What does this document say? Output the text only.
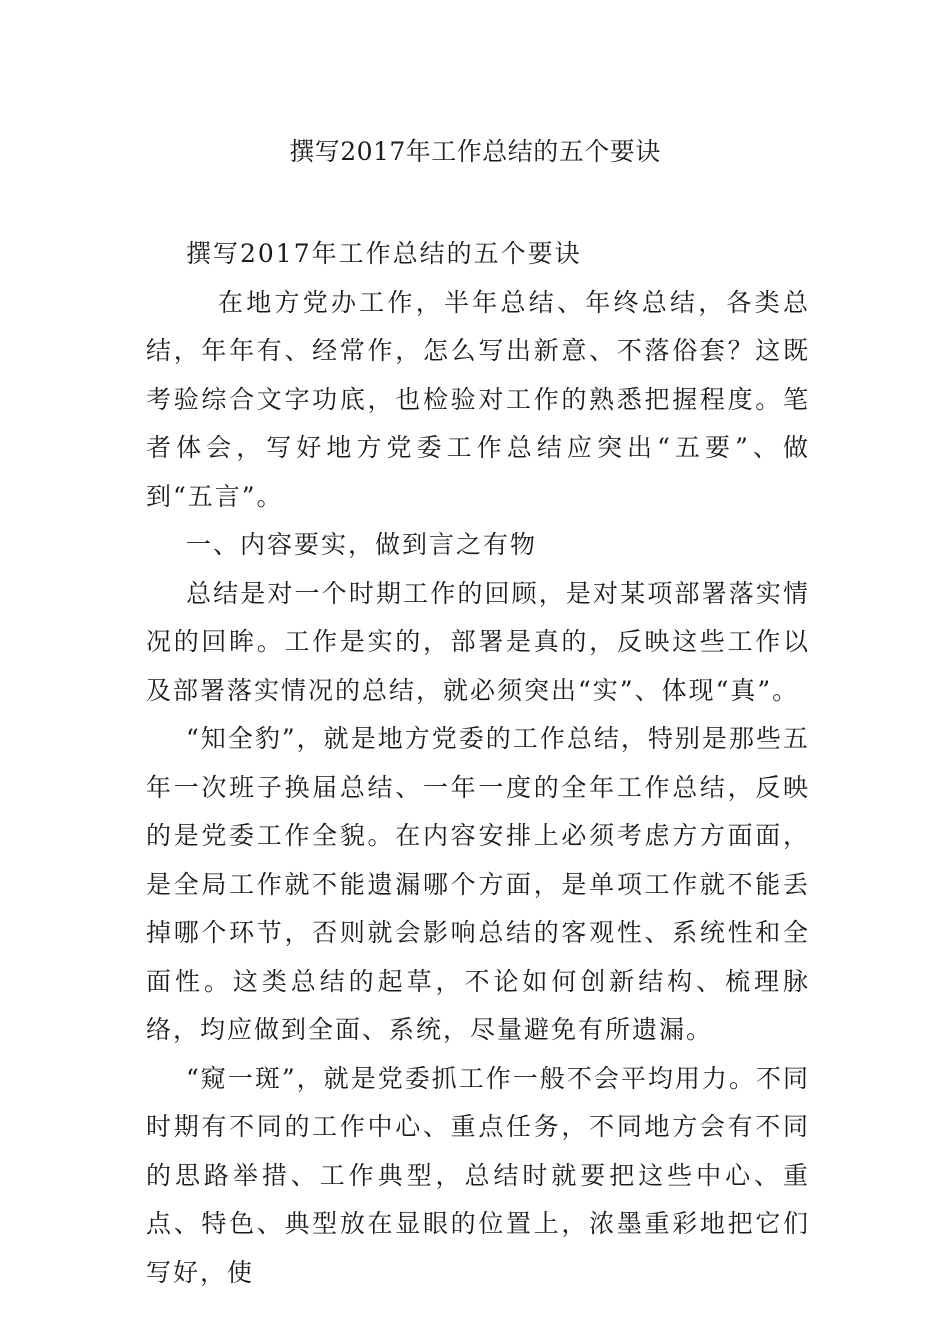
撰写2017年工作总结的五个要诀

撰写2017年工作总结的五个要诀

在地方党办工作，半年总结、年终总结，各类总结，年年有、经常作，怎么写出新意、不落俗套？这既考验综合文字功底，也检验对工作的熟悉把握程度。笔者体会，写好地方党委工作总结应突出“五要”、做到“五言”。

一、内容要实，做到言之有物

总结是对一个时期工作的回顾，是对某项部署落实情况的回眸。工作是实的，部署是真的，反映这些工作以及部署落实情况的总结，就必须突出“实”、体现“真”。

“知全豹”，就是地方党委的工作总结，特别是那些五年一次班子换届总结、一年一度的全年工作总结，反映的是党委工作全貌。在内容安排上必须考虑方方面面，是全局工作就不能遗漏哪个方面，是单项工作就不能丢掉哪个环节，否则就会影响总结的客观性、系统性和全面性。这类总结的起草，不论如何创新结构、梳理脉络，均应做到全面、系统，尽量避免有所遗漏。

“窥一斑”，就是党委抓工作一般不会平均用力。不同时期有不同的工作中心、重点任务，不同地方会有不同的思路举措、工作典型，总结时就要把这些中心、重点、特色、典型放在显眼的位置上，浓墨重彩地把它们写好，使
